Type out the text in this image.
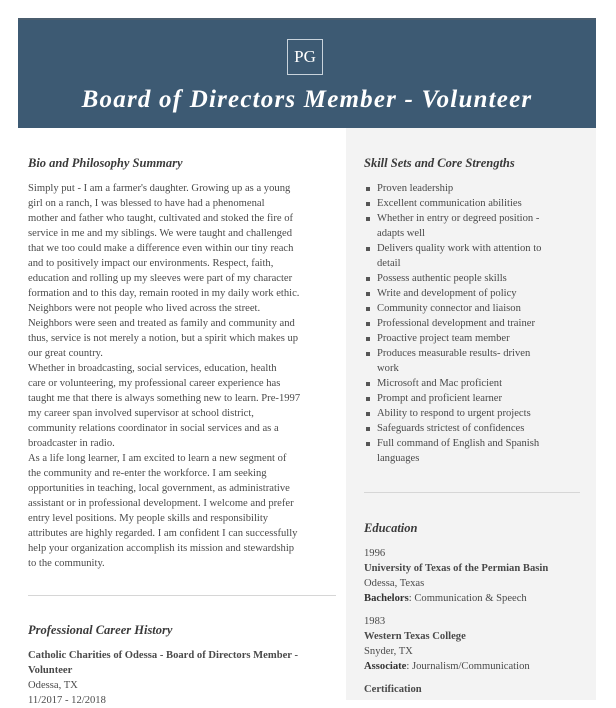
PG
Board of Directors Member - Volunteer
Bio and Philosophy Summary
Simply put - I am a farmer's daughter. Growing up as a young
girl on a ranch, I was blessed to have had a phenomenal
mother and father who taught, cultivated and stoked the fire of
service in me and my siblings. We were taught and challenged
that we too could make a difference even within our tiny reach
and to positively impact our environments. Respect, faith,
education and rolling up my sleeves were part of my character
formation and to this day, remain rooted in my daily work ethic.
Neighbors were not people who lived across the street.
Neighbors were seen and treated as family and community and
thus, service is not merely a notion, but a spirit which makes up
our great country.
Whether in broadcasting, social services, education, health
care or volunteering, my professional career experience has
taught me that there is always something new to learn. Pre-1997
my career span involved supervisor at school district,
community relations coordinator in social services and as a
broadcaster in radio.
As a life long learner, I am excited to learn a new segment of
the community and re-enter the workforce. I am seeking
opportunities in teaching, local government, as administrative
assistant or in professional development. I welcome and prefer
entry level positions. My people skills and responsibility
attributes are highly regarded. I am confident I can successfully
help your organization accomplish its mission and stewardship
to the community.
Professional Career History
Catholic Charities of Odessa - Board of Directors Member -
Volunteer
Odessa, TX
11/2017 - 12/2018
Skill Sets and Core Strengths
Proven leadership
Excellent communication abilities
Whether in entry or degreed position -
adapts well
Delivers quality work with attention to
detail
Possess authentic people skills
Write and development of policy
Community connector and liaison
Professional development and trainer
Proactive project team member
Produces measurable results- driven
work
Microsoft and Mac proficient
Prompt and proficient learner
Ability to respond to urgent projects
Safeguards strictest of confidences
Full command of English and Spanish
languages
Education
1996
University of Texas of the Permian Basin
Odessa, Texas
Bachelors: Communication & Speech
1983
Western Texas College
Snyder, TX
Associate: Journalism/Communication
Certification
